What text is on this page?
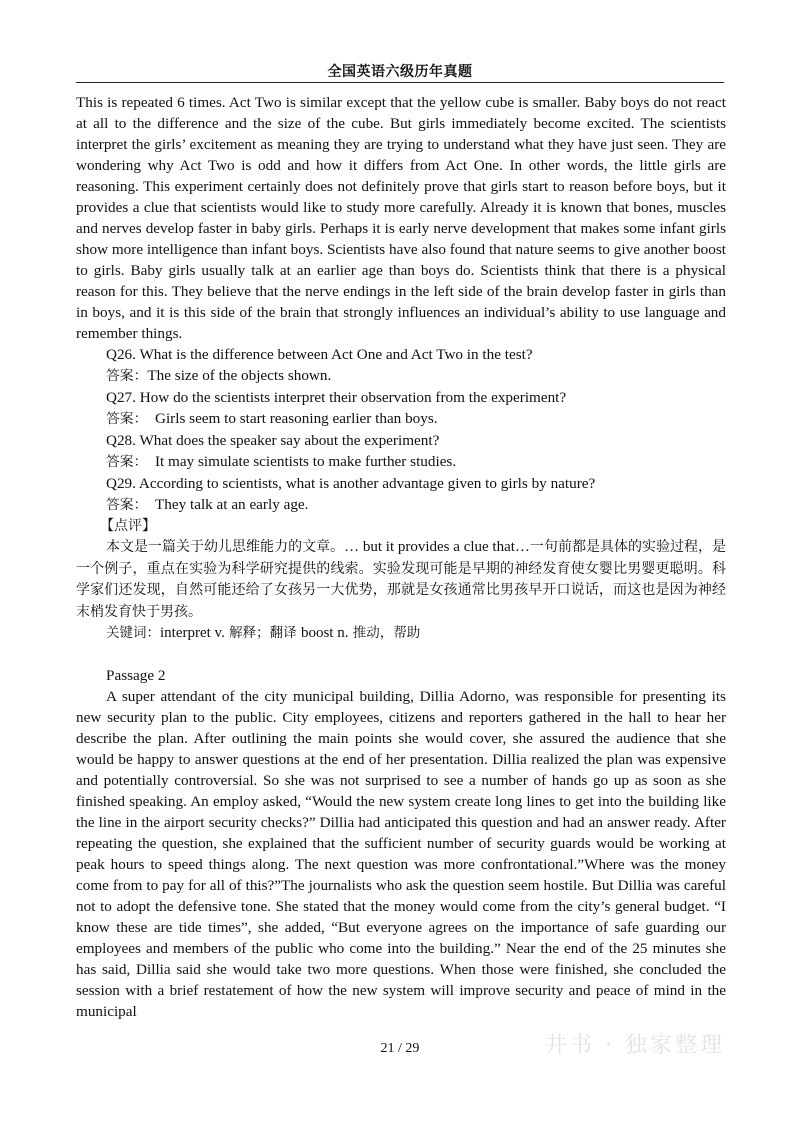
全国英语六级历年真题

This is repeated 6 times. Act Two is similar except that the yellow cube is smaller. Baby boys do not react at all to the difference and the size of the cube. But girls immediately become excited. The scientists interpret the girls’ excitement as meaning they are trying to understand what they have just seen. They are wondering why Act Two is odd and how it differs from Act One. In other words, the little girls are reasoning. This experiment certainly does not definitely prove that girls start to reason before boys, but it provides a clue that scientists would like to study more carefully. Already it is known that bones, muscles and nerves develop faster in baby girls. Perhaps it is early nerve development that makes some infant girls show more intelligence than infant boys. Scientists have also found that nature seems to give another boost to girls. Baby girls usually talk at an earlier age than boys do. Scientists think that there is a physical reason for this. They believe that the nerve endings in the left side of the brain develop faster in girls than in boys, and it is this side of the brain that strongly influences an individual’s ability to use language and remember things.

Q26. What is the difference between Act One and Act Two in the test?

答案：The size of the objects shown.

Q27. How do the scientists interpret their observation from the experiment?

答案： Girls seem to start reasoning earlier than boys.

Q28. What does the speaker say about the experiment?

答案： It may simulate scientists to make further studies.

Q29. According to scientists, what is another advantage given to girls by nature?

答案： They talk at an early age.

【点评】

本文是一篇关于幼儿思维能力的文章。… but it provides a clue that…一句前都是具体的实验过程，是一个例子，重点在实验为科学研究提供的线索。实验发现可能是早期的神经发育使女婴比男婴更聪明。科学家们还发现，自然可能还给了女孩另一大优势，那就是女孩通常比男孩早开口说话，而这也是因为神经末梢发育快于男孩。

关键词：interpret v. 解释；翻译 boost n. 推动，帮助

Passage 2

A super attendant of the city municipal building, Dillia Adorno, was responsible for presenting its new security plan to the public. City employees, citizens and reporters gathered in the hall to hear her describe the plan. After outlining the main points she would cover, she assured the audience that she would be happy to answer questions at the end of her presentation. Dillia realized the plan was expensive and potentially controversial. So she was not surprised to see a number of hands go up as soon as she finished speaking. An employ asked, “Would the new system create long lines to get into the building like the line in the airport security checks?” Dillia had anticipated this question and had an answer ready. After repeating the question, she explained that the sufficient number of security guards would be working at peak hours to speed things along. The next question was more confrontational.”Where was the money come from to pay for all of this?”The journalists who ask the question seem hostile. But Dillia was careful not to adopt the defensive tone. She stated that the money would come from the city’s general budget. “I know these are tide times”, she added, “But everyone agrees on the importance of safe guarding our employees and members of the public who come into the building.” Near the end of the 25 minutes she has said, Dillia said she would take two more questions. When those were finished, she concluded the session with a brief restatement of how the new system will improve security and peace of mind in the municipal

21 / 29	井书 · 独家整理
